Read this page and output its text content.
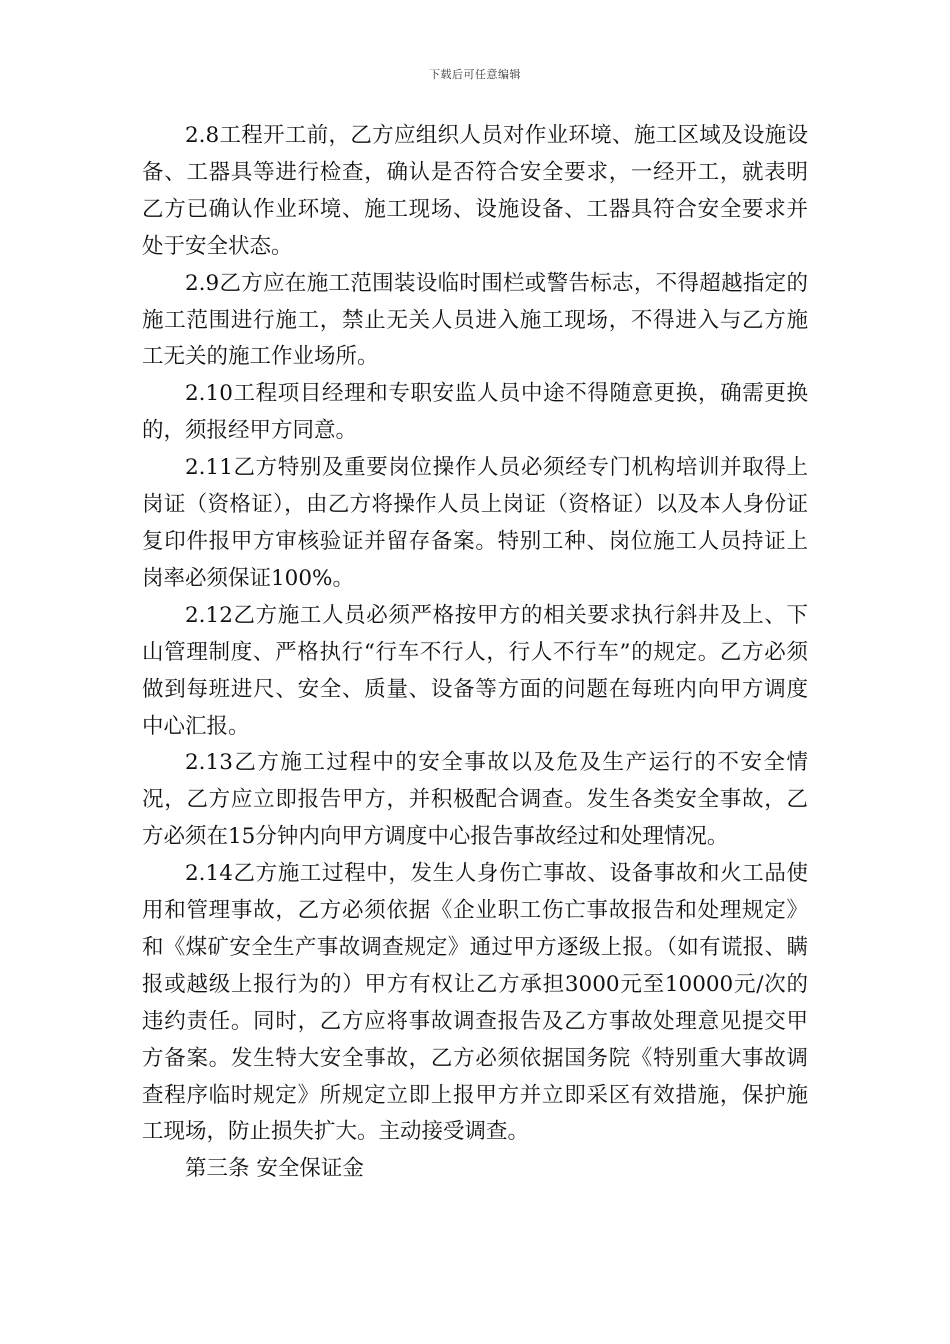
下载后可任意编辑

2.8工程开工前，乙方应组织人员对作业环境、施工区域及设施设备、工器具等进行检查，确认是否符合安全要求，一经开工，就表明乙方已确认作业环境、施工现场、设施设备、工器具符合安全要求并处于安全状态。

2.9乙方应在施工范围装设临时围栏或警告标志，不得超越指定的施工范围进行施工，禁止无关人员进入施工现场，不得进入与乙方施工无关的施工作业场所。

2.10工程项目经理和专职安监人员中途不得随意更换，确需更换的，须报经甲方同意。

2.11乙方特别及重要岗位操作人员必须经专门机构培训并取得上岗证（资格证），由乙方将操作人员上岗证（资格证）以及本人身份证复印件报甲方审核验证并留存备案。特别工种、岗位施工人员持证上岗率必须保证100%。

2.12乙方施工人员必须严格按甲方的相关要求执行斜井及上、下山管理制度、严格执行“行车不行人，行人不行车”的规定。乙方必须做到每班进尺、安全、质量、设备等方面的问题在每班内向甲方调度中心汇报。

2.13乙方施工过程中的安全事故以及危及生产运行的不安全情况，乙方应立即报告甲方，并积极配合调查。发生各类安全事故，乙方必须在15分钟内向甲方调度中心报告事故经过和处理情况。

2.14乙方施工过程中，发生人身伤亡事故、设备事故和火工品使用和管理事故，乙方必须依据《企业职工伤亡事故报告和处理规定》和《煤矿安全生产事故调查规定》通过甲方逐级上报。（如有谎报、瞒报或越级上报行为的）甲方有权让乙方承担3000元至10000元/次的违约责任。同时，乙方应将事故调查报告及乙方事故处理意见提交甲方备案。发生特大安全事故，乙方必须依据国务院《特别重大事故调查程序临时规定》所规定立即上报甲方并立即采区有效措施，保护施工现场，防止损失扩大。主动接受调查。

第三条 安全保证金
